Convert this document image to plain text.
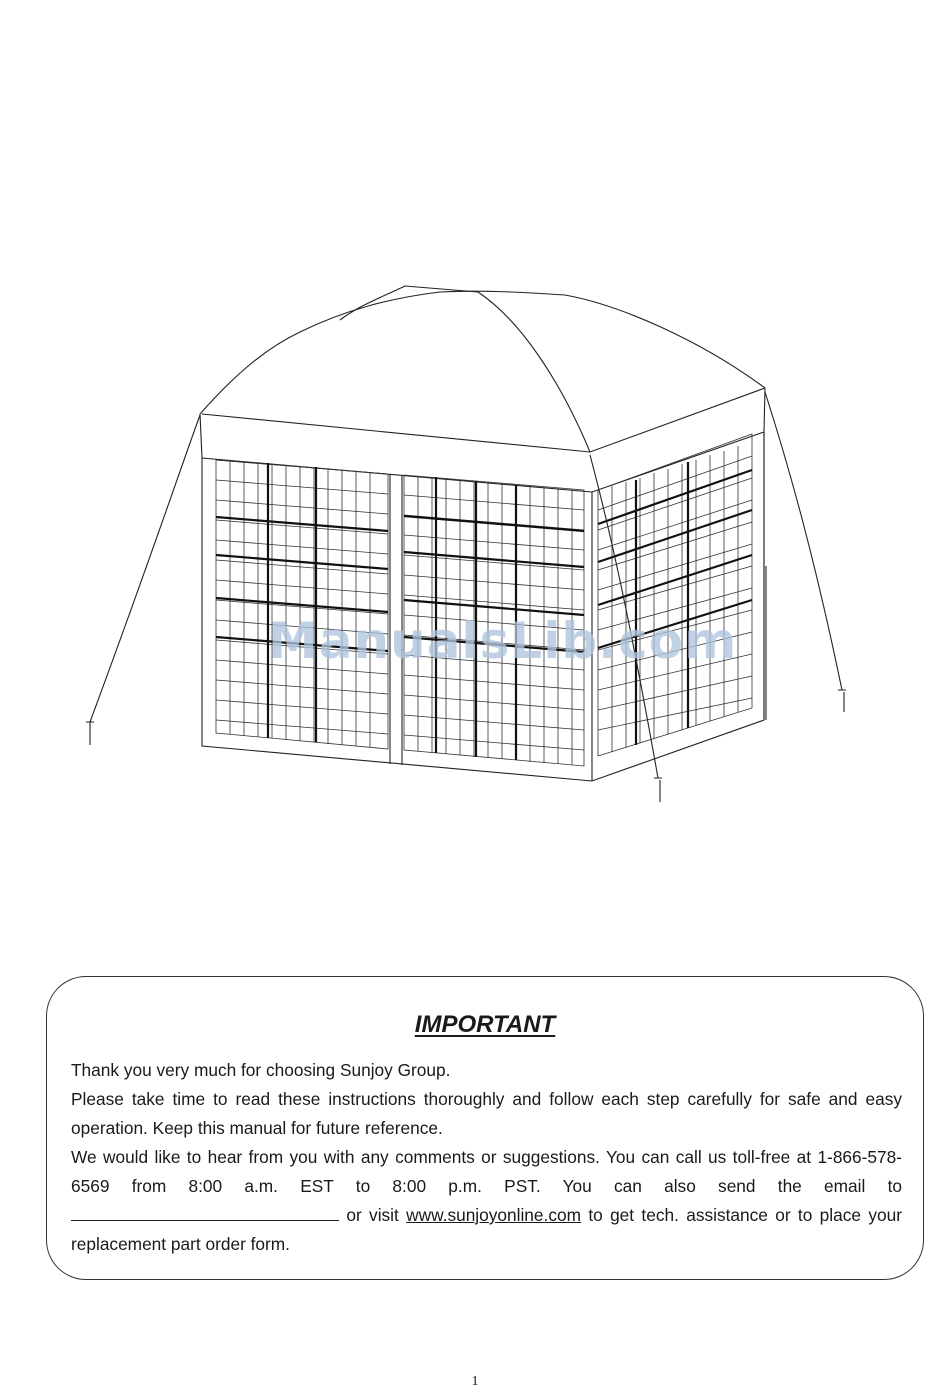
ManualsLib.com
IMPORTANT

Thank you very much for choosing Sunjoy Group.

Please take time to read these instructions thoroughly and follow each step carefully for safe and easy operation. Keep this manual for future reference.

We would like to hear from you with any comments or suggestions. You can call us toll-free at 1-866-578-6569 from 8:00 a.m. EST to 8:00 p.m. PST. You can also send the email to  or visit www.sunjoyonline.com to get tech. assistance or to place your replacement part order form.

1
